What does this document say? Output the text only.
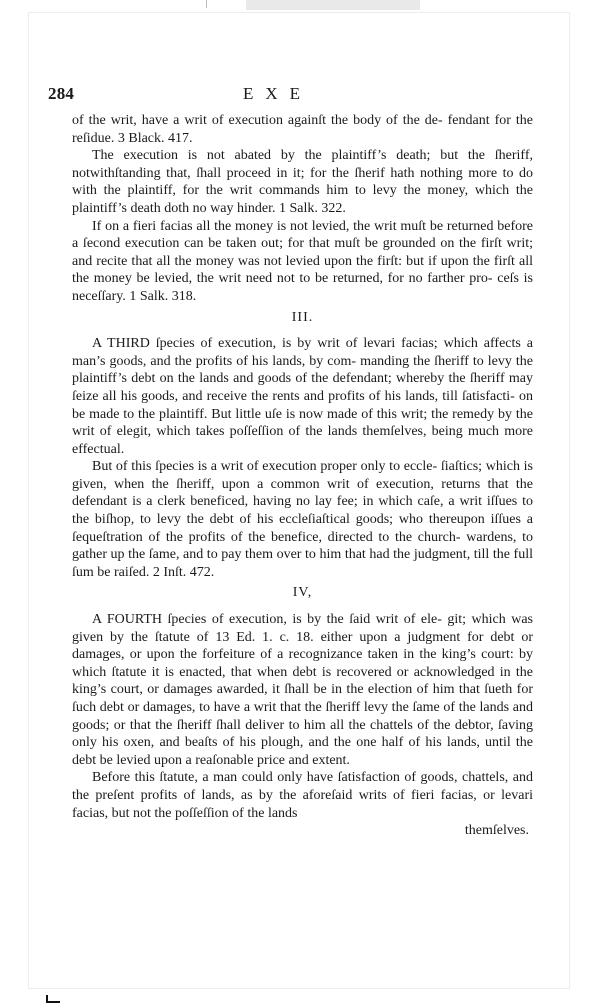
284	EXE

of the writ, have a writ of execution againſt the body of the de- fendant for the reſidue. 3 Black. 417.

The execution is not abated by the plaintiff’s death; but the ſheriff, notwithſtanding that, ſhall proceed in it; for the ſherif hath nothing more to do with the plaintiff, for the writ commands him to levy the money, which the plaintiff’s death doth no way hinder. 1 Salk. 322.

If on a fieri facias all the money is not levied, the writ muſt be returned before a ſecond execution can be taken out; for that muſt be grounded on the firſt writ; and recite that all the money was not levied upon the firſt: but if upon the firſt all the money be levied, the writ need not to be returned, for no farther pro- ceſs is neceſſary. 1 Salk. 318.

III.

A THIRD ſpecies of execution, is by writ of levari facias; which affects a man’s goods, and the profits of his lands, by com- manding the ſheriff to levy the plaintiff’s debt on the lands and goods of the defendant; whereby the ſheriff may ſeize all his goods, and receive the rents and profits of his lands, till ſatisfacti- on be made to the plaintiff. But little uſe is now made of this writ; the remedy by the writ of elegit, which takes poſſeſſion of the lands themſelves, being much more effectual.

But of this ſpecies is a writ of execution proper only to eccle- ſiaſtics; which is given, when the ſheriff, upon a common writ of execution, returns that the defendant is a clerk beneficed, having no lay fee; in which caſe, a writ iſſues to the biſhop, to levy the debt of his eccleſiaſtical goods; who thereupon iſſues a ſequeſtration of the profits of the benefice, directed to the church- wardens, to gather up the ſame, and to pay them over to him that had the judgment, till the full ſum be raiſed. 2 Inſt. 472.

IV,

A FOURTH ſpecies of execution, is by the ſaid writ of ele- git; which was given by the ſtatute of 13 Ed. 1. c. 18. either upon a judgment for debt or damages, or upon the forfeiture of a recognizance taken in the king’s court: by which ſtatute it is enacted, that when debt is recovered or acknowledged in the king’s court, or damages awarded, it ſhall be in the election of him that ſueth for ſuch debt or damages, to have a writ that the ſheriff levy the ſame of the lands and goods; or that the ſheriff ſhall deliver to him all the chattels of the debtor, ſaving only his oxen, and beaſts of his plough, and the one half of his lands, until the debt be levied upon a reaſonable price and extent.

Before this ſtatute, a man could only have ſatisfaction of goods, chattels, and the preſent profits of lands, as by the aforeſaid writs of fieri facias, or levari facias, but not the poſſeſſion of the lands

themſelves.
